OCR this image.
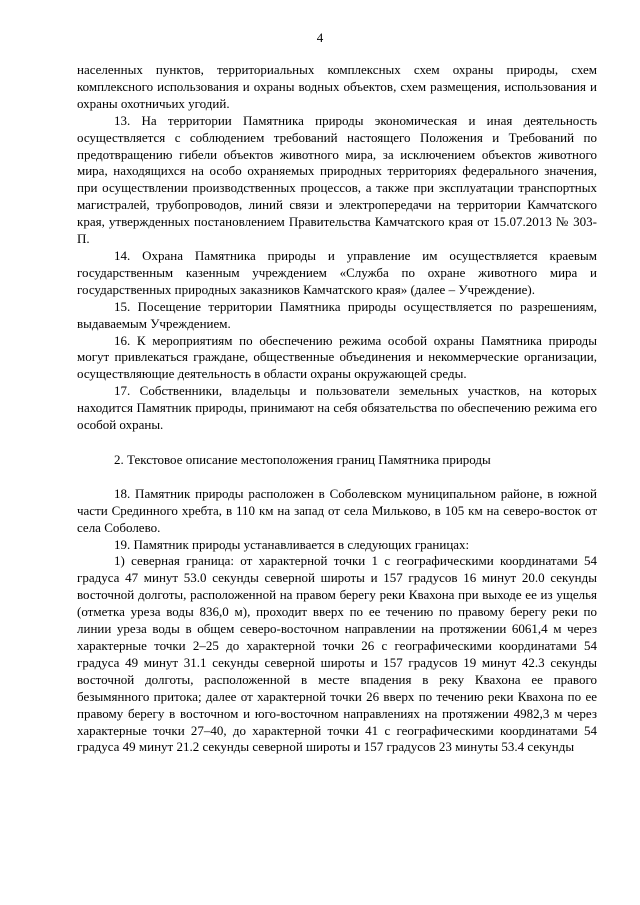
4

населенных пунктов, территориальных комплексных схем охраны природы, схем комплексного использования и охраны водных объектов, схем размещения, использования и охраны охотничьих угодий.

13. На территории Памятника природы экономическая и иная деятельность осуществляется с соблюдением требований настоящего Положения и Требований по предотвращению гибели объектов животного мира, за исключением объектов животного мира, находящихся на особо охраняемых природных территориях федерального значения, при осуществлении производственных процессов, а также при эксплуатации транспортных магистралей, трубопроводов, линий связи и электропередачи на территории Камчатского края, утвержденных постановлением Правительства Камчатского края от 15.07.2013 № 303-П.

14. Охрана Памятника природы и управление им осуществляется краевым государственным казенным учреждением «Служба по охране животного мира и государственных природных заказников Камчатского края» (далее – Учреждение).

15. Посещение территории Памятника природы осуществляется по разрешениям, выдаваемым Учреждением.

16. К мероприятиям по обеспечению режима особой охраны Памятника природы могут привлекаться граждане, общественные объединения и некоммерческие организации, осуществляющие деятельность в области охраны окружающей среды.

17. Собственники, владельцы и пользователи земельных участков, на которых находится Памятник природы, принимают на себя обязательства по обеспечению режима его особой охраны.

2. Текстовое описание местоположения границ Памятника природы

18. Памятник природы расположен в Соболевском муниципальном районе, в южной части Срединного хребта, в 110 км на запад от села Мильково, в 105 км на северо-восток от села Соболево.

19. Памятник природы устанавливается в следующих границах:

1) северная граница: от характерной точки 1 с географическими координатами 54 градуса 47 минут 53.0 секунды северной широты и 157 градусов 16 минут 20.0 секунды восточной долготы, расположенной на правом берегу реки Квахона при выходе ее из ущелья (отметка уреза воды 836,0 м), проходит вверх по ее течению по правому берегу реки по линии уреза воды в общем северо-восточном направлении на протяжении 6061,4 м через характерные точки 2–25 до характерной точки 26 с географическими координатами 54 градуса 49 минут 31.1 секунды северной широты и 157 градусов 19 минут 42.3 секунды восточной долготы, расположенной в месте впадения в реку Квахона ее правого безымянного притока; далее от характерной точки 26 вверх по течению реки Квахона по ее правому берегу в восточном и юго-восточном направлениях на протяжении 4982,3 м через характерные точки 27–40, до характерной точки 41 с географическими координатами 54 градуса 49 минут 21.2 секунды северной широты и 157 градусов 23 минуты 53.4 секунды
